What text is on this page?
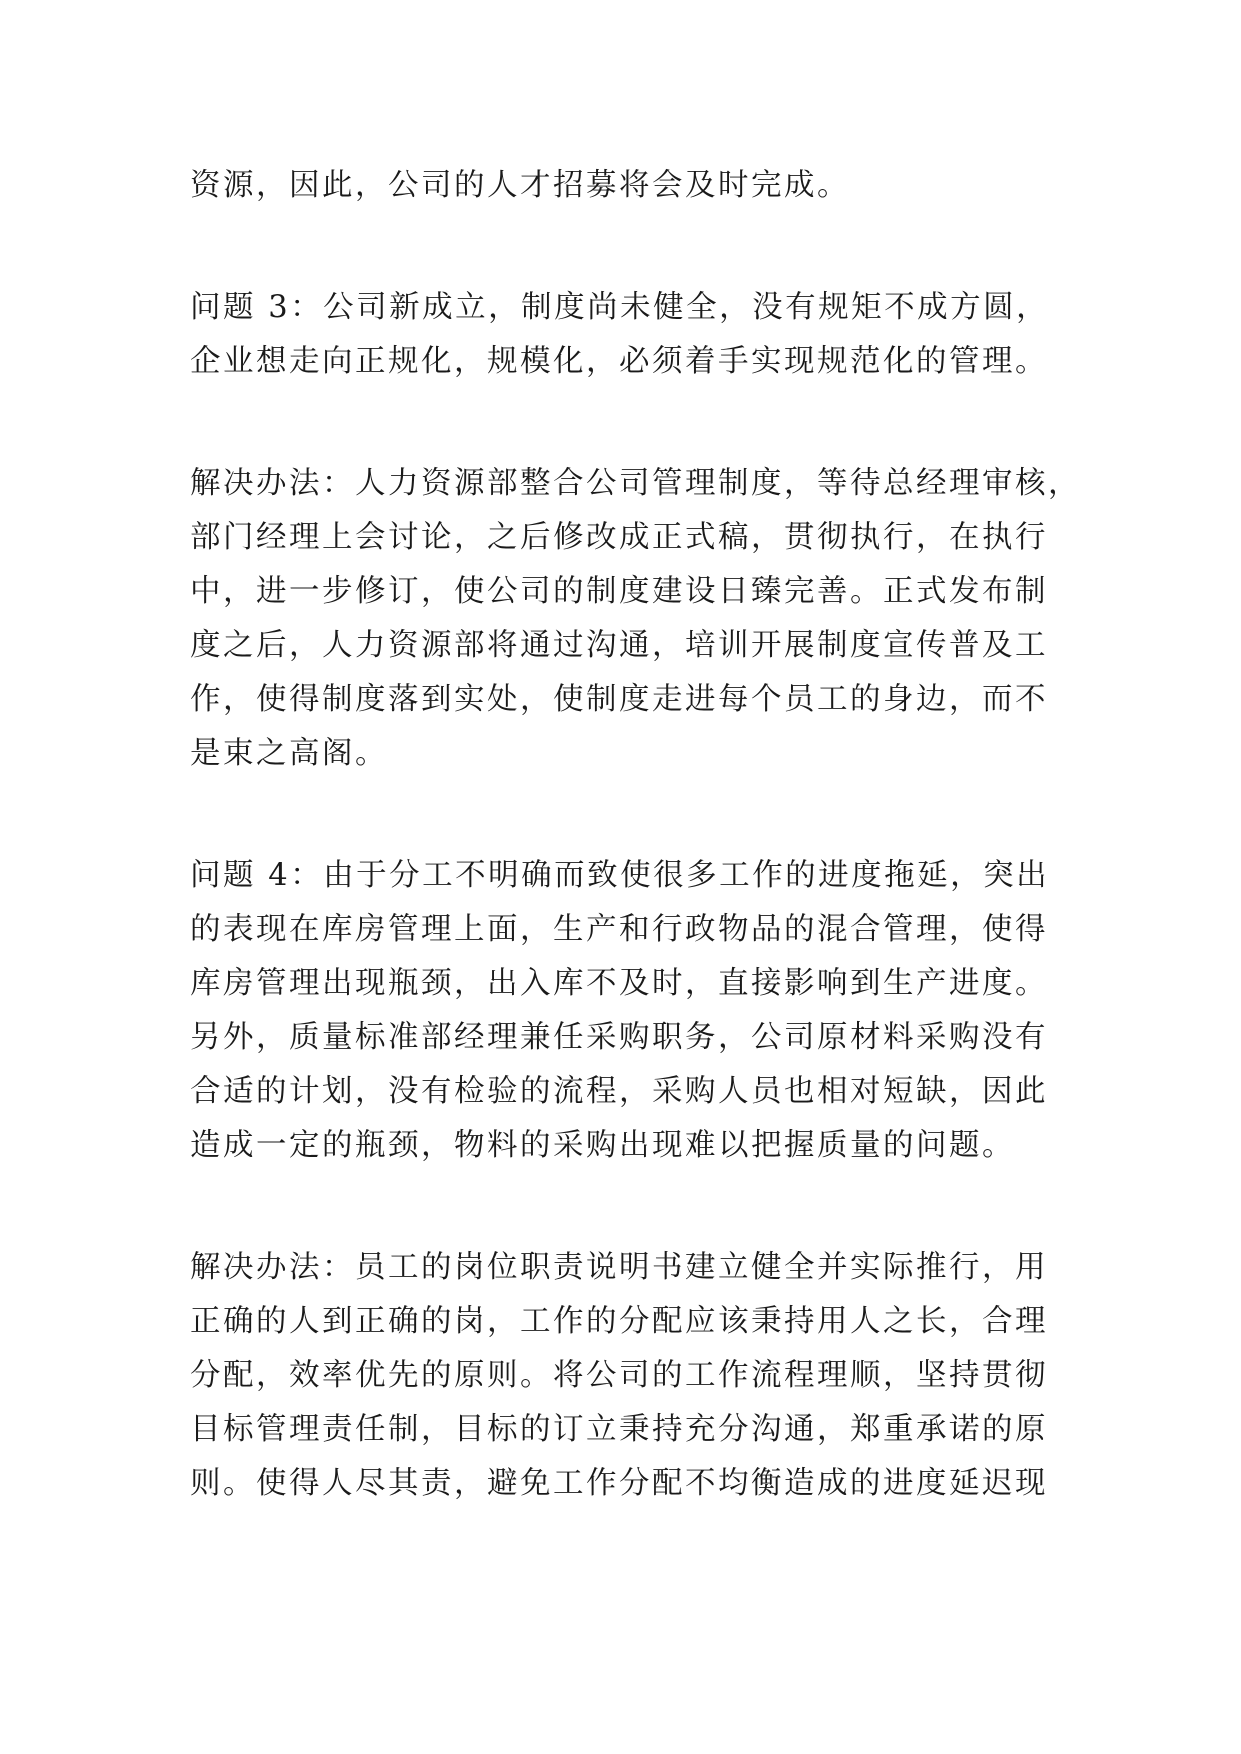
资源，因此，公司的人才招募将会及时完成。

问题 3：公司新成立，制度尚未健全，没有规矩不成方圆，
企业想走向正规化，规模化，必须着手实现规范化的管理。

解决办法：人力资源部整合公司管理制度，等待总经理审核，
部门经理上会讨论，之后修改成正式稿，贯彻执行，在执行
中，进一步修订，使公司的制度建设日臻完善。正式发布制
度之后，人力资源部将通过沟通，培训开展制度宣传普及工
作，使得制度落到实处，使制度走进每个员工的身边，而不
是束之高阁。

问题 4：由于分工不明确而致使很多工作的进度拖延，突出
的表现在库房管理上面，生产和行政物品的混合管理，使得
库房管理出现瓶颈，出入库不及时，直接影响到生产进度。
另外，质量标准部经理兼任采购职务，公司原材料采购没有
合适的计划，没有检验的流程，采购人员也相对短缺，因此
造成一定的瓶颈，物料的采购出现难以把握质量的问题。

解决办法：员工的岗位职责说明书建立健全并实际推行，用
正确的人到正确的岗，工作的分配应该秉持用人之长，合理
分配，效率优先的原则。将公司的工作流程理顺，坚持贯彻
目标管理责任制，目标的订立秉持充分沟通，郑重承诺的原
则。使得人尽其责，避免工作分配不均衡造成的进度延迟现
